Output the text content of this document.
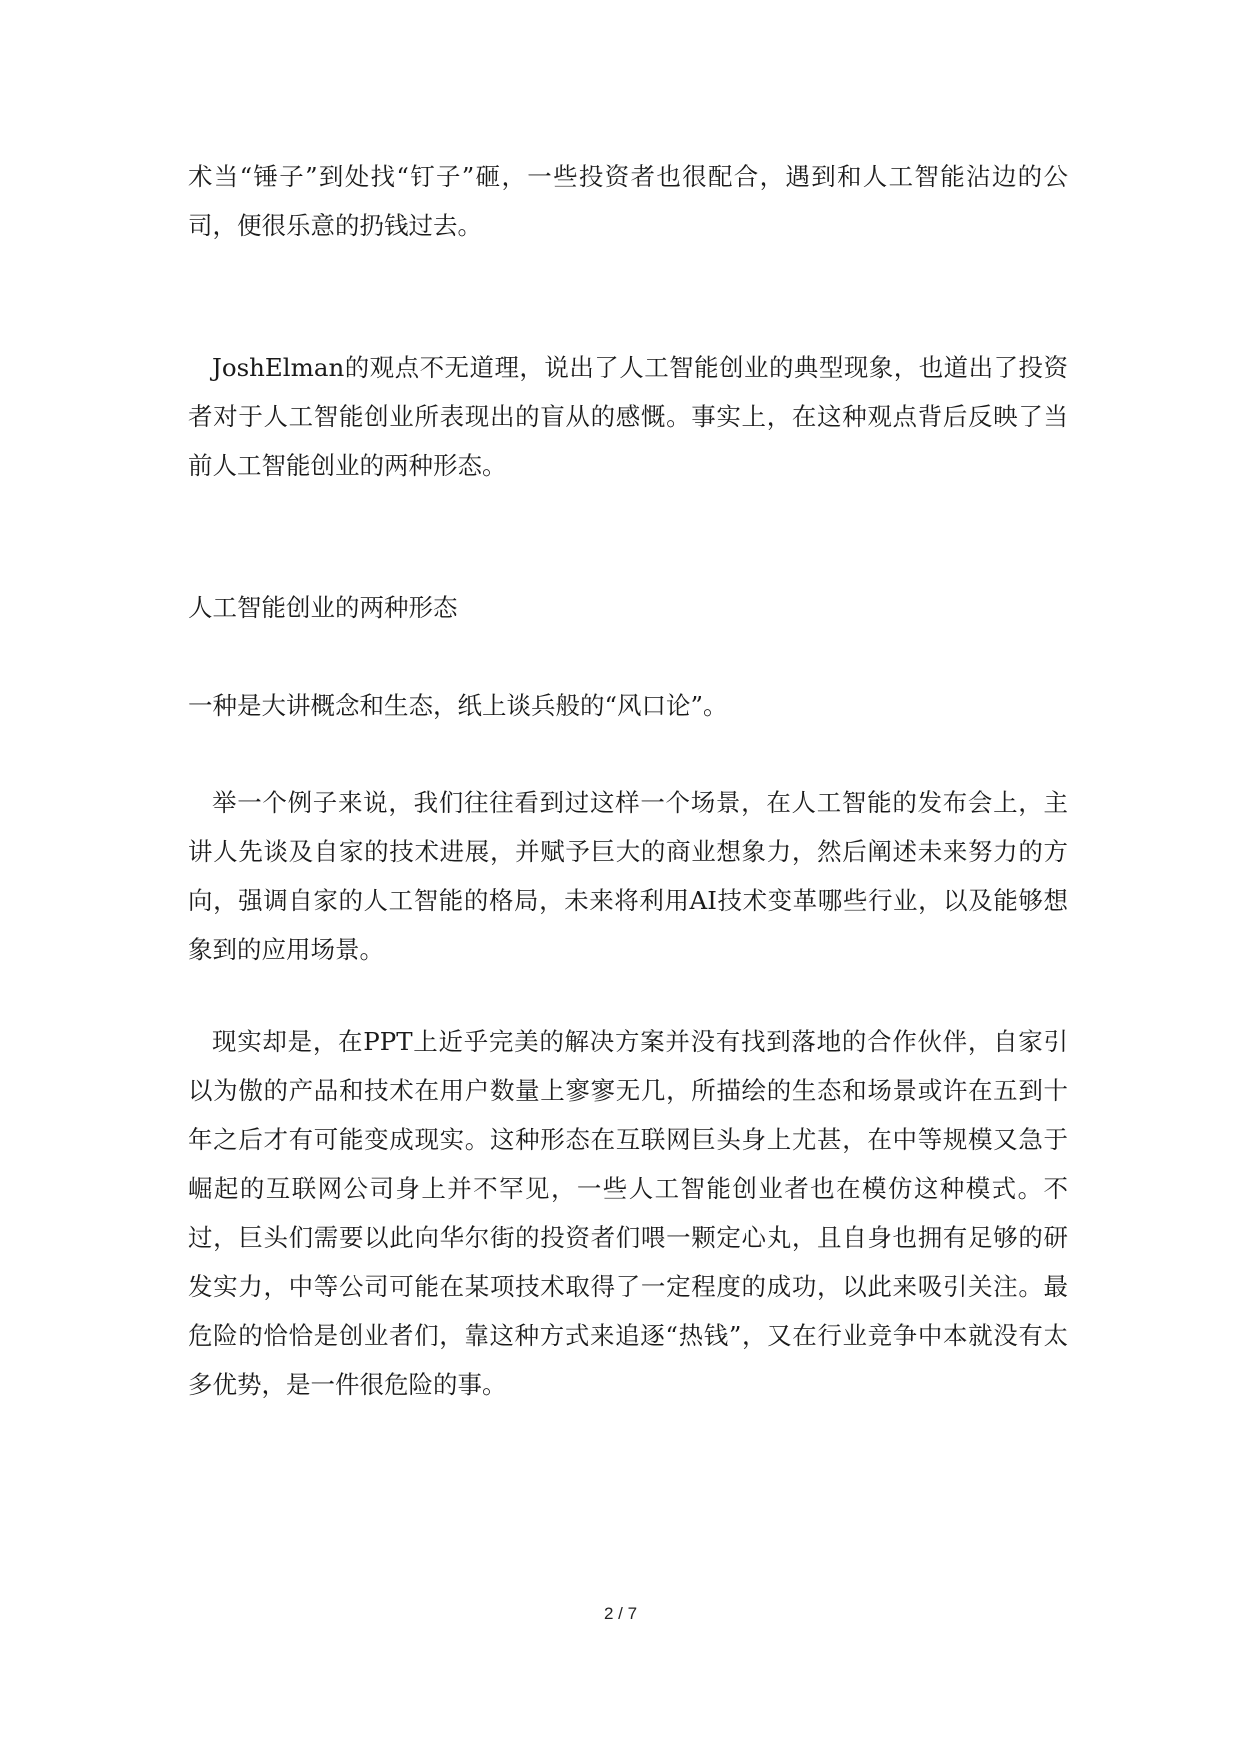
术当“锤子”到处找“钉子”砸，一些投资者也很配合，遇到和人工智能沾边的公司，便很乐意的扔钱过去。

JoshElman的观点不无道理，说出了人工智能创业的典型现象，也道出了投资者对于人工智能创业所表现出的盲从的感慨。事实上，在这种观点背后反映了当前人工智能创业的两种形态。

人工智能创业的两种形态

一种是大讲概念和生态，纸上谈兵般的“风口论”。

举一个例子来说，我们往往看到过这样一个场景，在人工智能的发布会上，主讲人先谈及自家的技术进展，并赋予巨大的商业想象力，然后阐述未来努力的方向，强调自家的人工智能的格局，未来将利用AI技术变革哪些行业，以及能够想象到的应用场景。

现实却是，在PPT上近乎完美的解决方案并没有找到落地的合作伙伴，自家引以为傲的产品和技术在用户数量上寥寥无几，所描绘的生态和场景或许在五到十年之后才有可能变成现实。这种形态在互联网巨头身上尤甚，在中等规模又急于崛起的互联网公司身上并不罕见，一些人工智能创业者也在模仿这种模式。不过，巨头们需要以此向华尔街的投资者们喂一颗定心丸，且自身也拥有足够的研发实力，中等公司可能在某项技术取得了一定程度的成功，以此来吸引关注。最危险的恰恰是创业者们，靠这种方式来追逐“热钱”，又在行业竞争中本就没有太多优势，是一件很危险的事。

2 / 7
